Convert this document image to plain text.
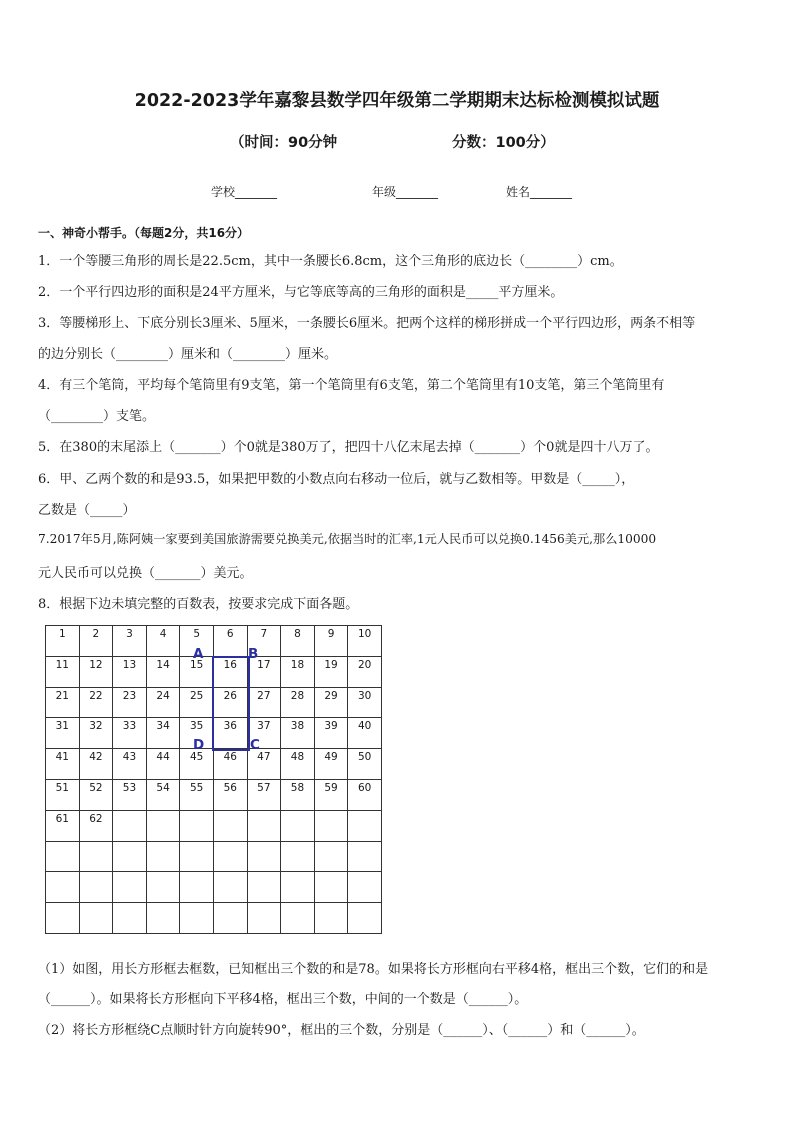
2022-2023学年嘉黎县数学四年级第二学期期末达标检测模拟试题
（时间：90分钟	分数：100分）
学校_______	年级_______	姓名_______
一、神奇小帮手。（每题2分，共16分）
1．一个等腰三角形的周长是22.5cm，其中一条腰长6.8cm，这个三角形的底边长（________）cm。
2．一个平行四边形的面积是24平方厘米，与它等底等高的三角形的面积是_____平方厘米。
3．等腰梯形上、下底分别长3厘米、5厘米，一条腰长6厘米。把两个这样的梯形拼成一个平行四边形，两条不相等
的边分别长（________）厘米和（________）厘米。
4．有三个笔筒，平均每个笔筒里有9支笔，第一个笔筒里有6支笔，第二个笔筒里有10支笔，第三个笔筒里有
（________）支笔。
5．在380的末尾添上（_______）个0就是380万了，把四十八亿末尾去掉（_______）个0就是四十八万了。
6．甲、乙两个数的和是93.5，如果把甲数的小数点向右移动一位后，就与乙数相等。甲数是（_____），
乙数是（_____）
7.2017年5月,陈阿姨一家要到美国旅游需要兑换美元,依据当时的汇率,1元人民币可以兑换0.1456美元,那么10000
元人民币可以兑换（_______）美元。
8．根据下边未填完整的百数表，按要求完成下面各题。
1	2	3	4	5	6	7	8	9	10
11	12	13	14	15	16	17	18	19	20
21	22	23	24	25	26	27	28	29	30
31	32	33	34	35	36	37	38	39	40
41	42	43	44	45	46	47	48	49	50
51	52	53	54	55	56	57	58	59	60
61	62								

A	B
D	C
（1）如图，用长方形框去框数，已知框出三个数的和是78。如果将长方形框向右平移4格，框出三个数，它们的和是
（______）。如果将长方形框向下平移4格，框出三个数，中间的一个数是（______）。
（2）将长方形框绕C点顺时针方向旋转90°，框出的三个数，分别是（______）、（______）和（______）。
